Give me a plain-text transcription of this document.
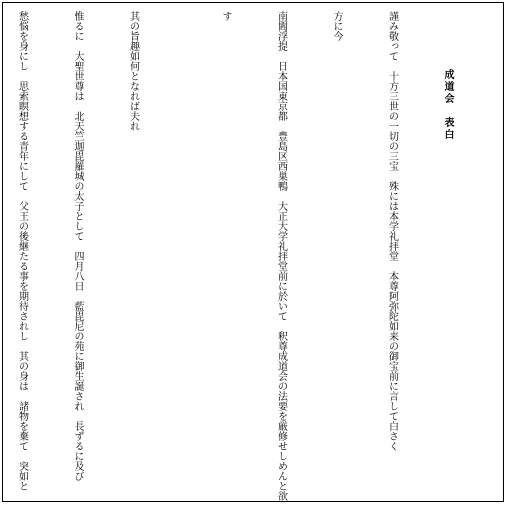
成道会　表白

謹み敬って　十方三世の一切の三宝　殊には本学礼拝堂　本尊阿弥陀如来の御宝前に言して白さく

方に今

南閻浮提　日本国東京都　豊島区西巣鴨　大正大学礼拝堂前に於いて　釈尊成道会の法要を厳修せしめんと欲

す

其の旨趣如何となれば夫れ

惟るに　大聖世尊は　北天竺迦毘羅城の太子として　四月八日　藍毘尼の苑に御生誕され　長ずるに及び

愁悩を身にし　思索瞑想する青年にして　父王の後継たる事を期待されし　其の身は　諸物を棄て　突如と
